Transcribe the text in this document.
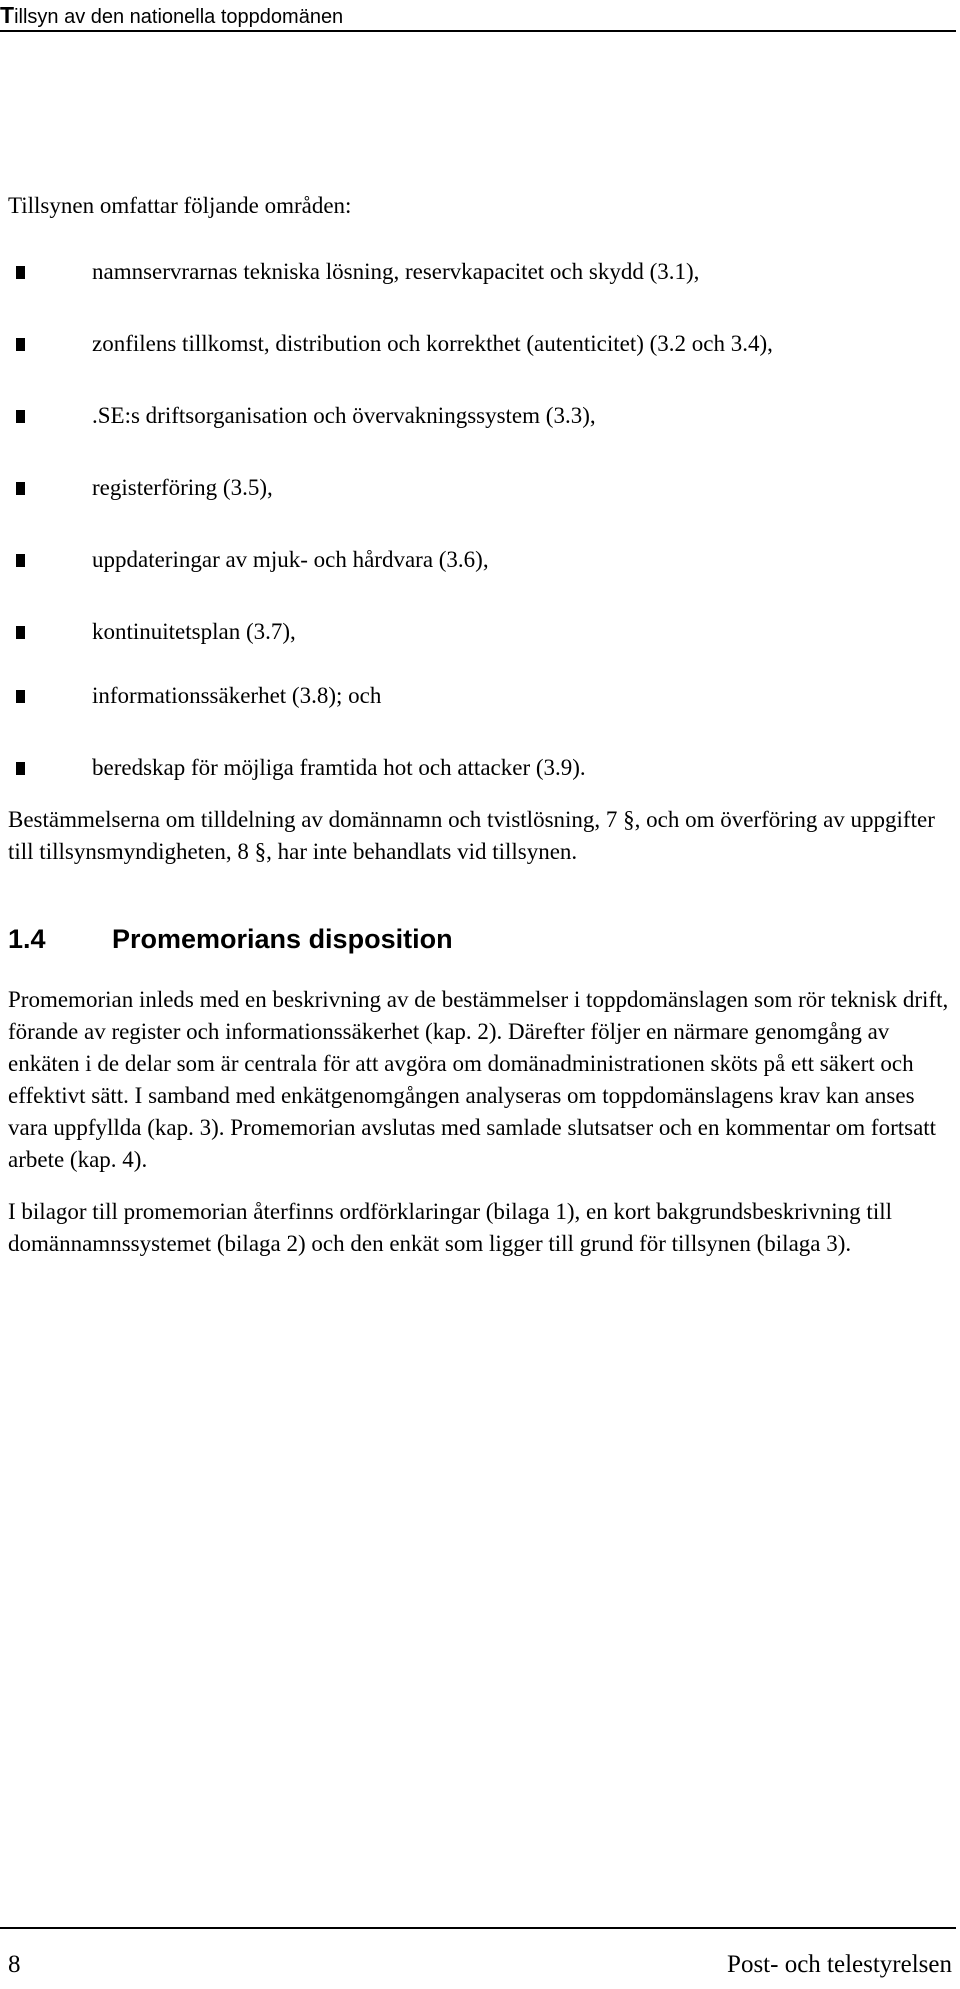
Tillsyn av den nationella toppdomänen

Tillsynen omfattar följande områden:

namnservrarnas tekniska lösning, reservkapacitet och skydd (3.1),
zonfilens tillkomst, distribution och korrekthet (autenticitet) (3.2 och 3.4),
.SE:s driftsorganisation och övervakningssystem (3.3),
registerföring (3.5),
uppdateringar av mjuk- och hårdvara (3.6),
kontinuitetsplan (3.7),
informationssäkerhet (3.8); och
beredskap för möjliga framtida hot och attacker (3.9).

Bestämmelserna om tilldelning av domännamn och tvistlösning, 7 §, och om överföring av uppgifter till tillsynsmyndigheten, 8 §, har inte behandlats vid tillsynen.

1.4 Promemorians disposition

Promemorian inleds med en beskrivning av de bestämmelser i toppdomänslagen som rör teknisk drift, förande av register och informationssäkerhet (kap. 2). Därefter följer en närmare genomgång av enkäten i de delar som är centrala för att avgöra om domänadministrationen sköts på ett säkert och effektivt sätt. I samband med enkätgenomgången analyseras om toppdomänslagens krav kan anses vara uppfyllda (kap. 3). Promemorian avslutas med samlade slutsatser och en kommentar om fortsatt arbete (kap. 4).

I bilagor till promemorian återfinns ordförklaringar (bilaga 1), en kort bakgrundsbeskrivning till domännamnssystemet (bilaga 2) och den enkät som ligger till grund för tillsynen (bilaga 3).

8	Post- och telestyrelsen
